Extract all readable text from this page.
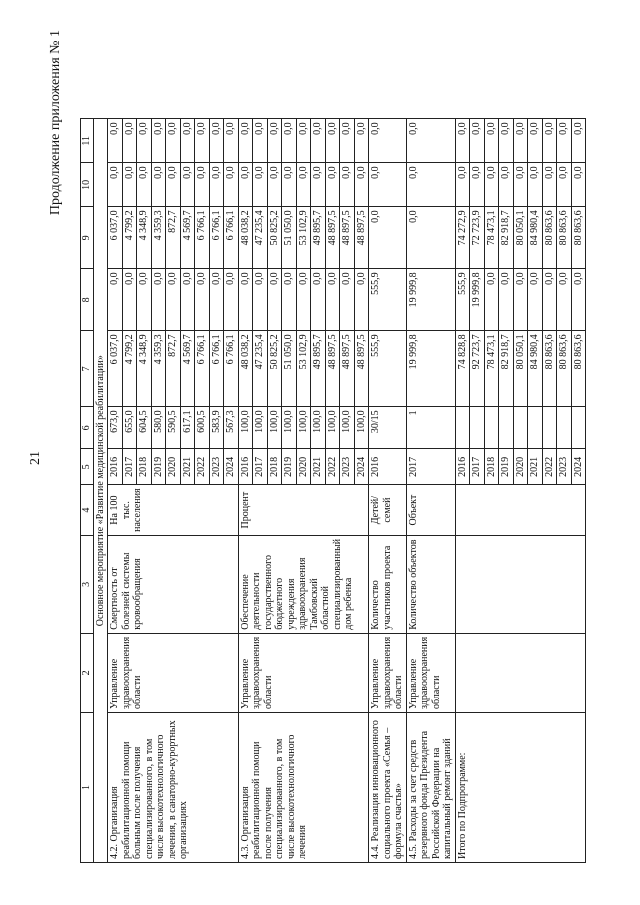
21
Продолжение приложения № 1
1	2	3	4	5	6	7	8	9	10	11
Основное мероприятие «Развитие медицинской реабилитации»										
4.2. Организация реабилитационной помощи больным после получения специализированного, в том числе высокотехнологичного лечения, в санаторно-курортных организациях	Управление здравоохранения области	Смертность от болезней системы кровообращения	На 100 тыс. населения	2016	673,0	6 037,0	0,0	6 037,0	0,0	0,0
				2017	655,0	4 799,2	0,0	4 799,2	0,0	0,0
				2018	604,5	4 348,9	0,0	4 348,9	0,0	0,0
				2019	580,0	4 359,3	0,0	4 359,3	0,0	0,0
				2020	590,5	872,7	0,0	872,7	0,0	0,0
				2021	617,1	4 569,7	0,0	4 569,7	0,0	0,0
				2022	600,5	6 766,1	0,0	6 766,1	0,0	0,0
				2023	583,9	6 766,1	0,0	6 766,1	0,0	0,0
				2024	567,3	6 766,1	0,0	6 766,1	0,0	0,0
4.3. Организация реабилитационной помощи после получения специализированного, в том числе высокотехнологичного лечения	Управление здравоохранения области	Обеспечение деятельности государственного бюджетного учреждения здравоохранения Тамбовский областной специализированный дом ребенка	Процент	2016	100,0	48 038,2	0,0	48 038,2	0,0	0,0
				2017	100,0	47 235,4	0,0	47 235,4	0,0	0,0
				2018	100,0	50 825,2	0,0	50 825,2	0,0	0,0
				2019	100,0	51 050,0	0,0	51 050,0	0,0	0,0
				2020	100,0	53 102,9	0,0	53 102,9	0,0	0,0
				2021	100,0	49 895,7	0,0	49 895,7	0,0	0,0
				2022	100,0	48 897,5	0,0	48 897,5	0,0	0,0
				2023	100,0	48 897,5	0,0	48 897,5	0,0	0,0
				2024	100,0	48 897,5	0,0	48 897,5	0,0	0,0
4.4. Реализация инновационного социального проекта «Семья – формула счастья»	Управление здравоохранения области	Количество участников проекта	Детей/семей	2016	30/15	555,9	555,9	0,0	0,0	0,0
4.5. Расходы за счет средств резервного фонда Президента Российской Федерации на капитальный ремонт зданий	Управление здравоохранения области	Количество объектов	Объект	2017	1	19 999,8	19 999,8	0,0	0,0	0,0
Итого по Подпрограмме:				2016		74 828,8	555,9	74 272,9	0,0	0,0
				2017		92 723,7	19 999,8	72 723,9	0,0	0,0
				2018		78 473,1	0,0	78 473,1	0,0	0,0
				2019		82 918,7	0,0	82 918,7	0,0	0,0
				2020		80 050,1	0,0	80 050,1	0,0	0,0
				2021		84 980,4	0,0	84 980,4	0,0	0,0
				2022		80 863,6	0,0	80 863,6	0,0	0,0
				2023		80 863,6	0,0	80 863,6	0,0	0,0
				2024		80 863,6	0,0	80 863,6	0,0	0,0
